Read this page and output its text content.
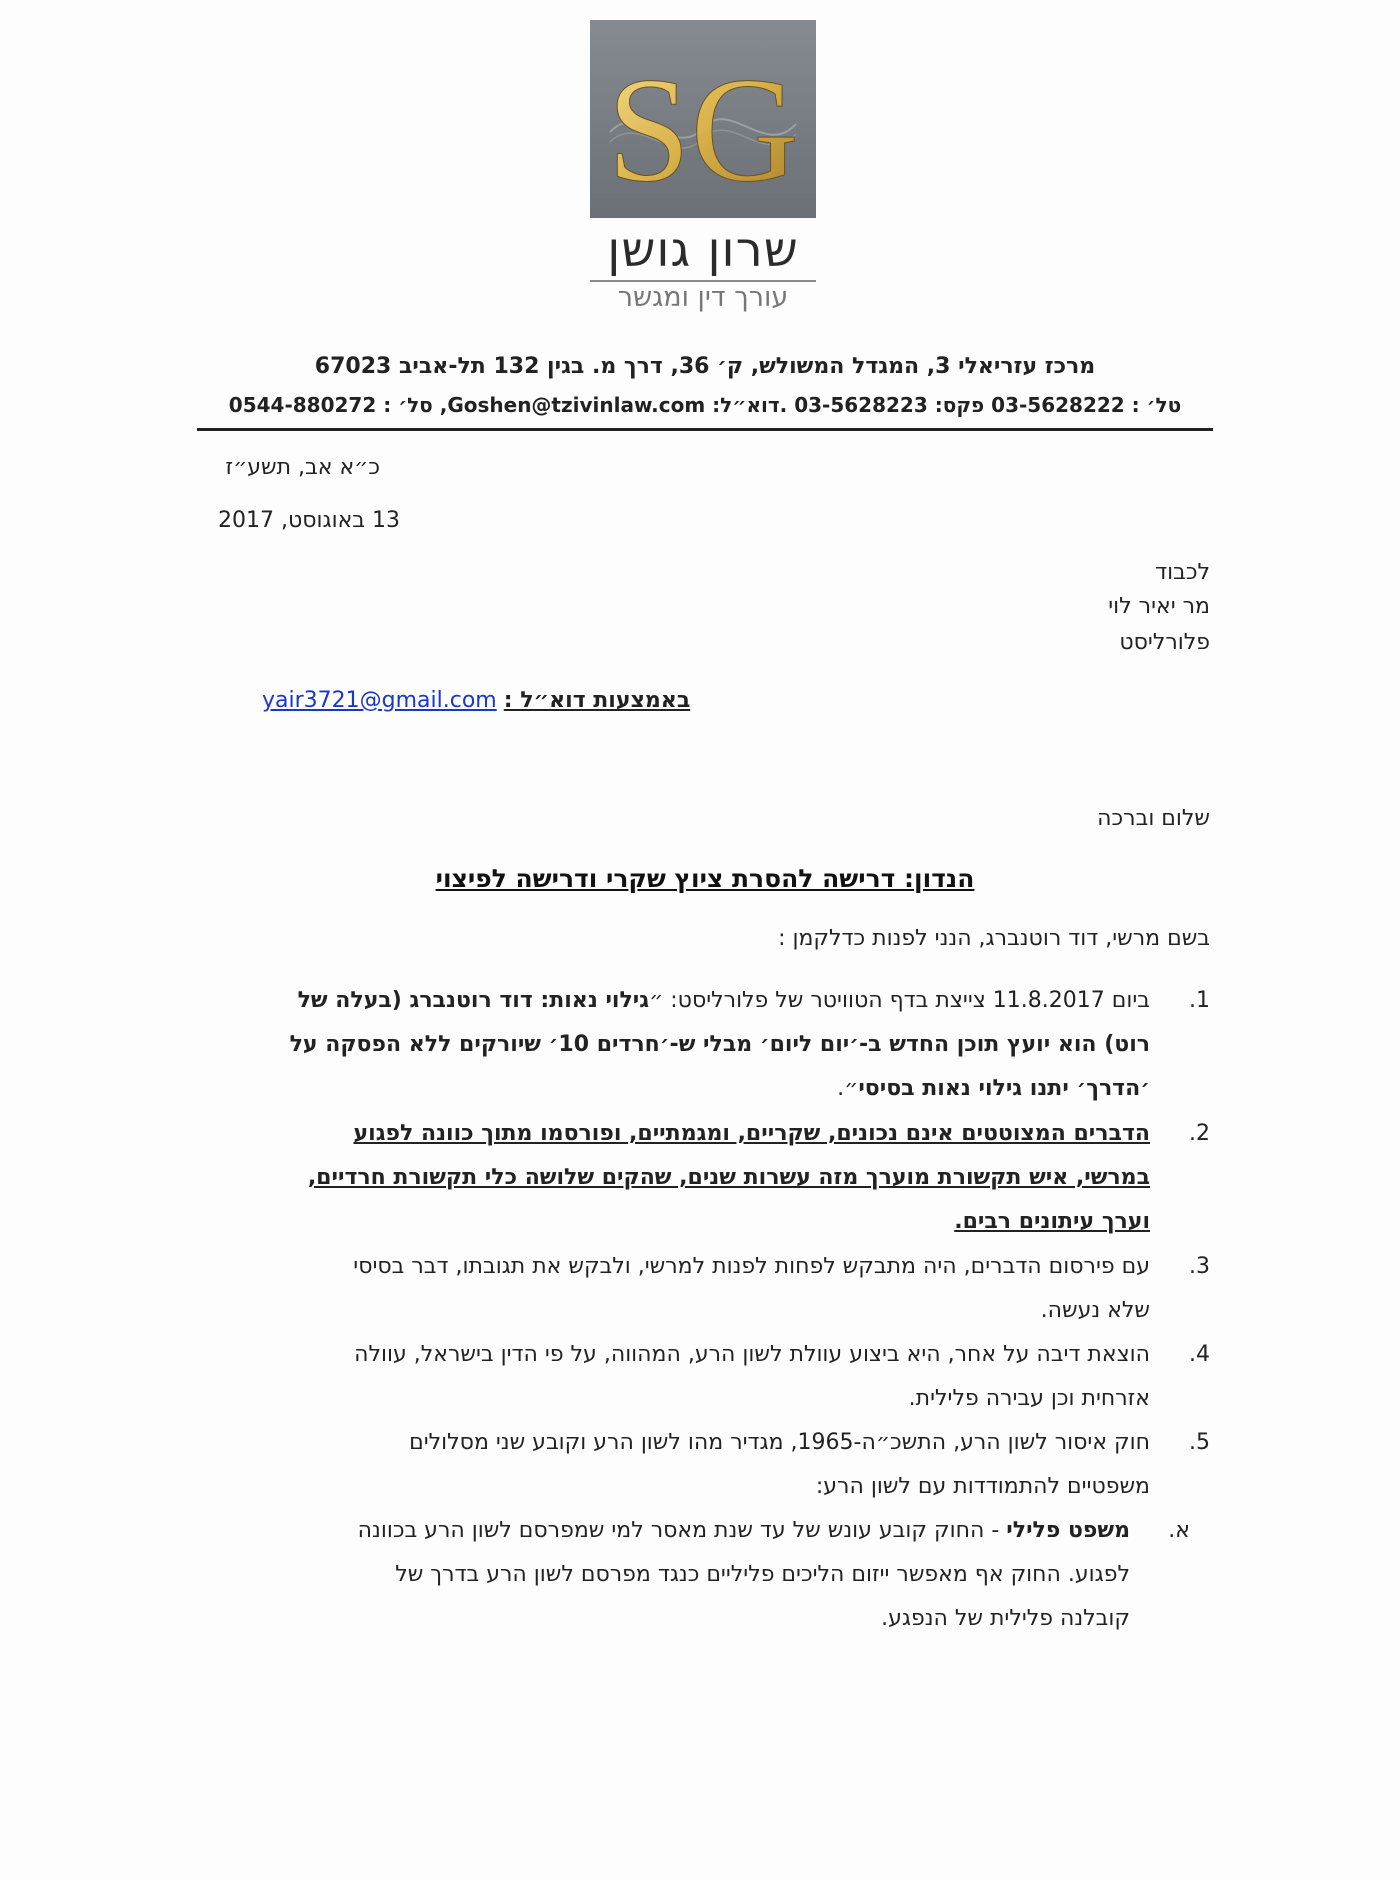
SG
שרון גושן
עורך דין ומגשר
מרכז עזריאלי 3, המגדל המשולש, ק׳ 36, דרך מ. בגין 132 תל-אביב 67023
טל׳ : 03-5628222 פקס: 03-5628223 .דוא״ל: Goshen@tzivinlaw.com, סל׳ : 0544-880272
כ״א אב, תשע״ז
13 באוגוסט, 2017
לכבוד
מר יאיר לוי
פלורליסט
באמצעות דוא״ל : yair3721@gmail.com
שלום וברכה
הנדון: דרישה להסרת ציוץ שקרי ודרישה לפיצוי
בשם מרשי, דוד רוטנברג, הנני לפנות כדלקמן :
1.
ביום 11.8.2017 צייצת בדף הטוויטר של פלורליסט: ״גילוי נאות: דוד רוטנברג (בעלה של
רוט) הוא יועץ תוכן החדש ב-׳יום ליום׳ מבלי ש-׳חרדים 10׳ שיורקים ללא הפסקה על
׳הדרך׳ יתנו גילוי נאות בסיסי״.
2.
הדברים המצוטטים אינם נכונים, שקריים, ומגמתיים, ופורסמו מתוך כוונה לפגוע
במרשי, איש תקשורת מוערך מזה עשרות שנים, שהקים שלושה כלי תקשורת חרדיים,
וערך עיתונים רבים.
3.
עם פירסום הדברים, היה מתבקש לפחות לפנות למרשי, ולבקש את תגובתו, דבר בסיסי
שלא נעשה.
4.
הוצאת דיבה על אחר, היא ביצוע עוולת לשון הרע, המהווה, על פי הדין בישראל, עוולה
אזרחית וכן עבירה פלילית.
5.
חוק איסור לשון הרע, התשכ״ה-1965, מגדיר מהו לשון הרע וקובע שני מסלולים
משפטיים להתמודדות עם לשון הרע:
א.
משפט פלילי - החוק קובע עונש של עד שנת מאסר למי שמפרסם לשון הרע בכוונה
לפגוע. החוק אף מאפשר ייזום הליכים פליליים כנגד מפרסם לשון הרע בדרך של
קובלנה פלילית של הנפגע.
